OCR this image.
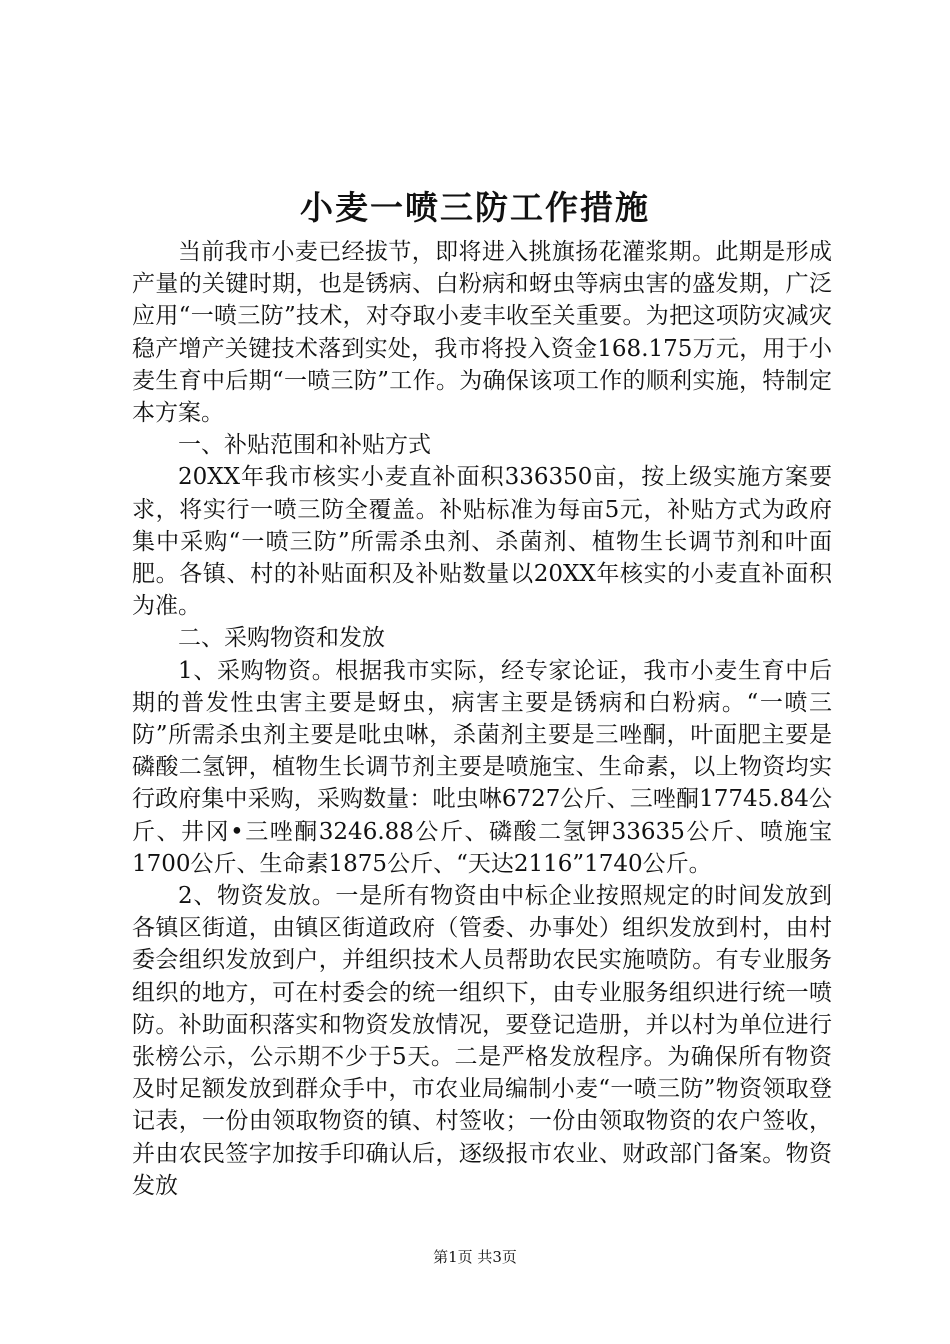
小麦一喷三防工作措施

当前我市小麦已经拔节，即将进入挑旗扬花灌浆期。此期是形成产量的关键时期，也是锈病、白粉病和蚜虫等病虫害的盛发期，广泛应用“一喷三防”技术，对夺取小麦丰收至关重要。为把这项防灾减灾稳产增产关键技术落到实处，我市将投入资金168.175万元，用于小麦生育中后期“一喷三防”工作。为确保该项工作的顺利实施，特制定本方案。

一、补贴范围和补贴方式

20XX年我市核实小麦直补面积336350亩，按上级实施方案要求，将实行一喷三防全覆盖。补贴标准为每亩5元，补贴方式为政府集中采购“一喷三防”所需杀虫剂、杀菌剂、植物生长调节剂和叶面肥。各镇、村的补贴面积及补贴数量以20XX年核实的小麦直补面积为准。

二、采购物资和发放

1、采购物资。根据我市实际，经专家论证，我市小麦生育中后期的普发性虫害主要是蚜虫，病害主要是锈病和白粉病。“一喷三防”所需杀虫剂主要是吡虫啉，杀菌剂主要是三唑酮，叶面肥主要是磷酸二氢钾，植物生长调节剂主要是喷施宝、生命素，以上物资均实行政府集中采购，采购数量：吡虫啉6727公斤、三唑酮17745.84公斤、井冈•三唑酮3246.88公斤、磷酸二氢钾33635公斤、喷施宝1700公斤、生命素1875公斤、“天达2116”1740公斤。

2、物资发放。一是所有物资由中标企业按照规定的时间发放到各镇区街道，由镇区街道政府（管委、办事处）组织发放到村，由村委会组织发放到户，并组织技术人员帮助农民实施喷防。有专业服务组织的地方，可在村委会的统一组织下，由专业服务组织进行统一喷防。补助面积落实和物资发放情况，要登记造册，并以村为单位进行张榜公示，公示期不少于5天。二是严格发放程序。为确保所有物资及时足额发放到群众手中，市农业局编制小麦“一喷三防”物资领取登记表，一份由领取物资的镇、村签收；一份由领取物资的农户签收，并由农民签字加按手印确认后，逐级报市农业、财政部门备案。物资发放

第1页 共3页
